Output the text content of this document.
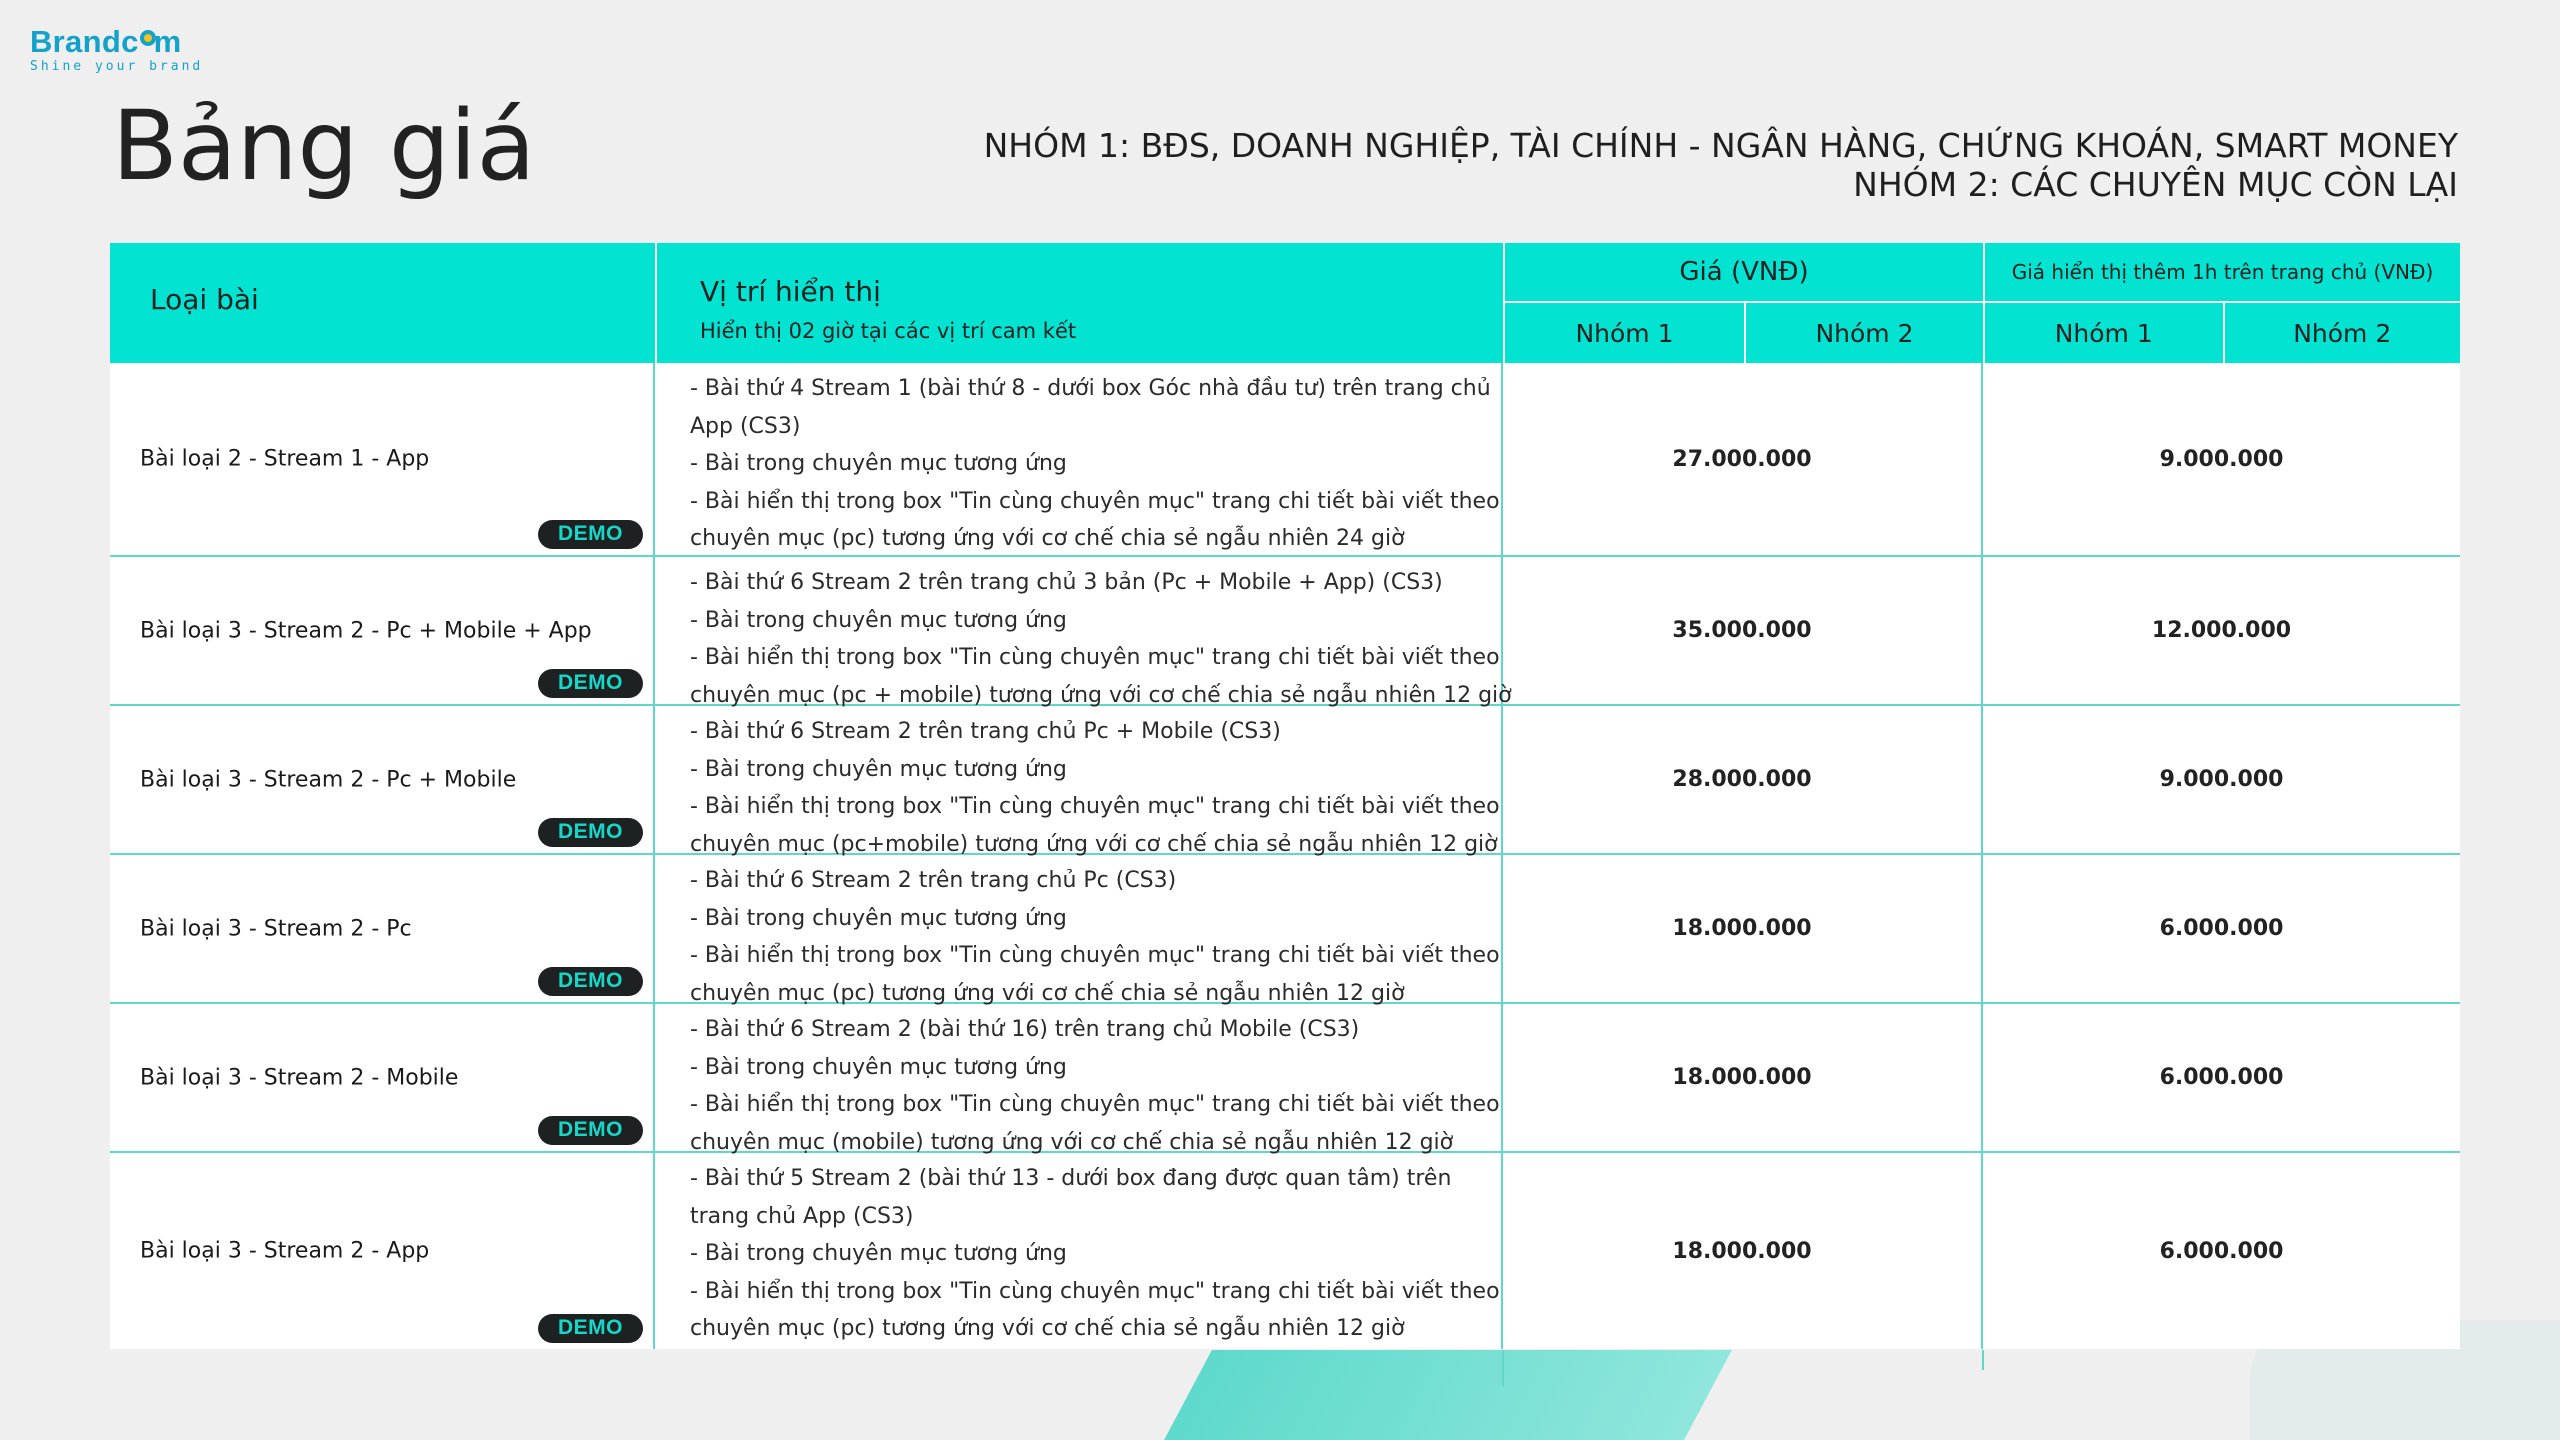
Brandc m
Shine your brand
Bảng giá	NHÓM 1: BĐS, DOANH NGHIỆP, TÀI CHÍNH - NGÂN HÀNG, CHỨNG KHOÁN, SMART MONEY
NHÓM 2: CÁC CHUYÊN MỤC CÒN LẠI
Loại bài	Vị trí hiển thị
Hiển thị 02 giờ tại các vị trí cam kết
Giá (VNĐ)
Nhóm 1	Nhóm 2
Giá hiển thị thêm 1h trên trang chủ (VNĐ)
Nhóm 1	Nhóm 2
Bài loại 2 - Stream 1 - App
DEMO
- Bài thứ 4 Stream 1 (bài thứ 8 - dưới box Góc nhà đầu tư) trên trang chủ
App (CS3)
- Bài trong chuyên mục tương ứng
- Bài hiển thị trong box "Tin cùng chuyên mục" trang chi tiết bài viết theo
chuyên mục (pc) tương ứng với cơ chế chia sẻ ngẫu nhiên 24 giờ
27.000.000	9.000.000
Bài loại 3 - Stream 2 - Pc + Mobile + App
DEMO
- Bài thứ 6 Stream 2 trên trang chủ 3 bản (Pc + Mobile + App) (CS3)
- Bài trong chuyên mục tương ứng
- Bài hiển thị trong box "Tin cùng chuyên mục" trang chi tiết bài viết theo
chuyên mục (pc + mobile) tương ứng với cơ chế chia sẻ ngẫu nhiên 12 giờ
35.000.000	12.000.000
Bài loại 3 - Stream 2 - Pc + Mobile
DEMO
- Bài thứ 6 Stream 2 trên trang chủ Pc + Mobile (CS3)
- Bài trong chuyên mục tương ứng
- Bài hiển thị trong box "Tin cùng chuyên mục" trang chi tiết bài viết theo
chuyên mục (pc+mobile) tương ứng với cơ chế chia sẻ ngẫu nhiên 12 giờ
28.000.000	9.000.000
Bài loại 3 - Stream 2 - Pc
DEMO
- Bài thứ 6 Stream 2 trên trang chủ Pc (CS3)
- Bài trong chuyên mục tương ứng
- Bài hiển thị trong box "Tin cùng chuyên mục" trang chi tiết bài viết theo
chuyên mục (pc) tương ứng với cơ chế chia sẻ ngẫu nhiên 12 giờ
18.000.000	6.000.000
Bài loại 3 - Stream 2 - Mobile
DEMO
- Bài thứ 6 Stream 2 (bài thứ 16) trên trang chủ Mobile (CS3)
- Bài trong chuyên mục tương ứng
- Bài hiển thị trong box "Tin cùng chuyên mục" trang chi tiết bài viết theo
chuyên mục (mobile) tương ứng với cơ chế chia sẻ ngẫu nhiên 12 giờ
18.000.000	6.000.000
Bài loại 3 - Stream 2 - App
DEMO
- Bài thứ 5 Stream 2 (bài thứ 13 - dưới box đang được quan tâm) trên
trang chủ App (CS3)
- Bài trong chuyên mục tương ứng
- Bài hiển thị trong box "Tin cùng chuyên mục" trang chi tiết bài viết theo
chuyên mục (pc) tương ứng với cơ chế chia sẻ ngẫu nhiên 12 giờ
18.000.000	6.000.000
